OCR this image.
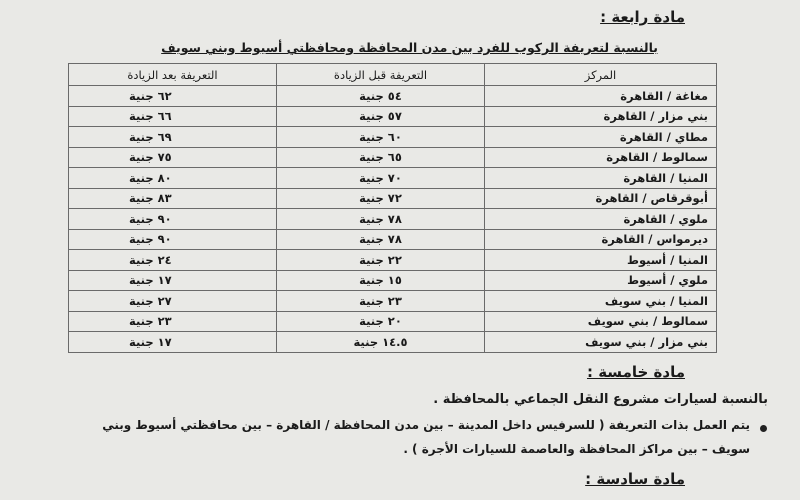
مادة رابعة :
بالنسبة لتعريفة الركوب للفرد بين مدن المحافظة ومحافظتي أسيوط وبني سويف
المركز	التعريفة قبل الزيادة	التعريفة بعد الزيادة
مغاغة / القاهرة	٥٤ جنية	٦٢ جنية
بني مزار / القاهرة	٥٧ جنية	٦٦ جنية
مطاي / القاهرة	٦٠ جنية	٦٩ جنية
سمالوط / القاهرة	٦٥ جنية	٧٥ جنية
المنيا / القاهرة	٧٠ جنية	٨٠ جنية
أبوقرقاص / القاهرة	٧٢ جنية	٨٣ جنية
ملوي / القاهرة	٧٨ جنية	٩٠ جنية
ديرمواس / القاهرة	٧٨ جنية	٩٠ جنية
المنيا / أسيوط	٢٢ جنية	٢٤ جنية
ملوي / أسيوط	١٥ جنية	١٧ جنية
المنيا / بني سويف	٢٣ جنية	٢٧ جنية
سمالوط / بني سويف	٢٠ جنية	٢٣ جنية
بني مزار / بني سويف	١٤.٥ جنية	١٧ جنية
مادة خامسة :
بالنسبة لسيارات مشروع النقل الجماعي بالمحافظة .
يتم العمل بذات التعريفة ( للسرفيس داخل المدينة – بين مدن المحافظة / القاهرة – بين محافظتي أسيوط وبني
سويف – بين مراكز المحافظة والعاصمة للسيارات الأجرة ) .
مادة سادسة :
